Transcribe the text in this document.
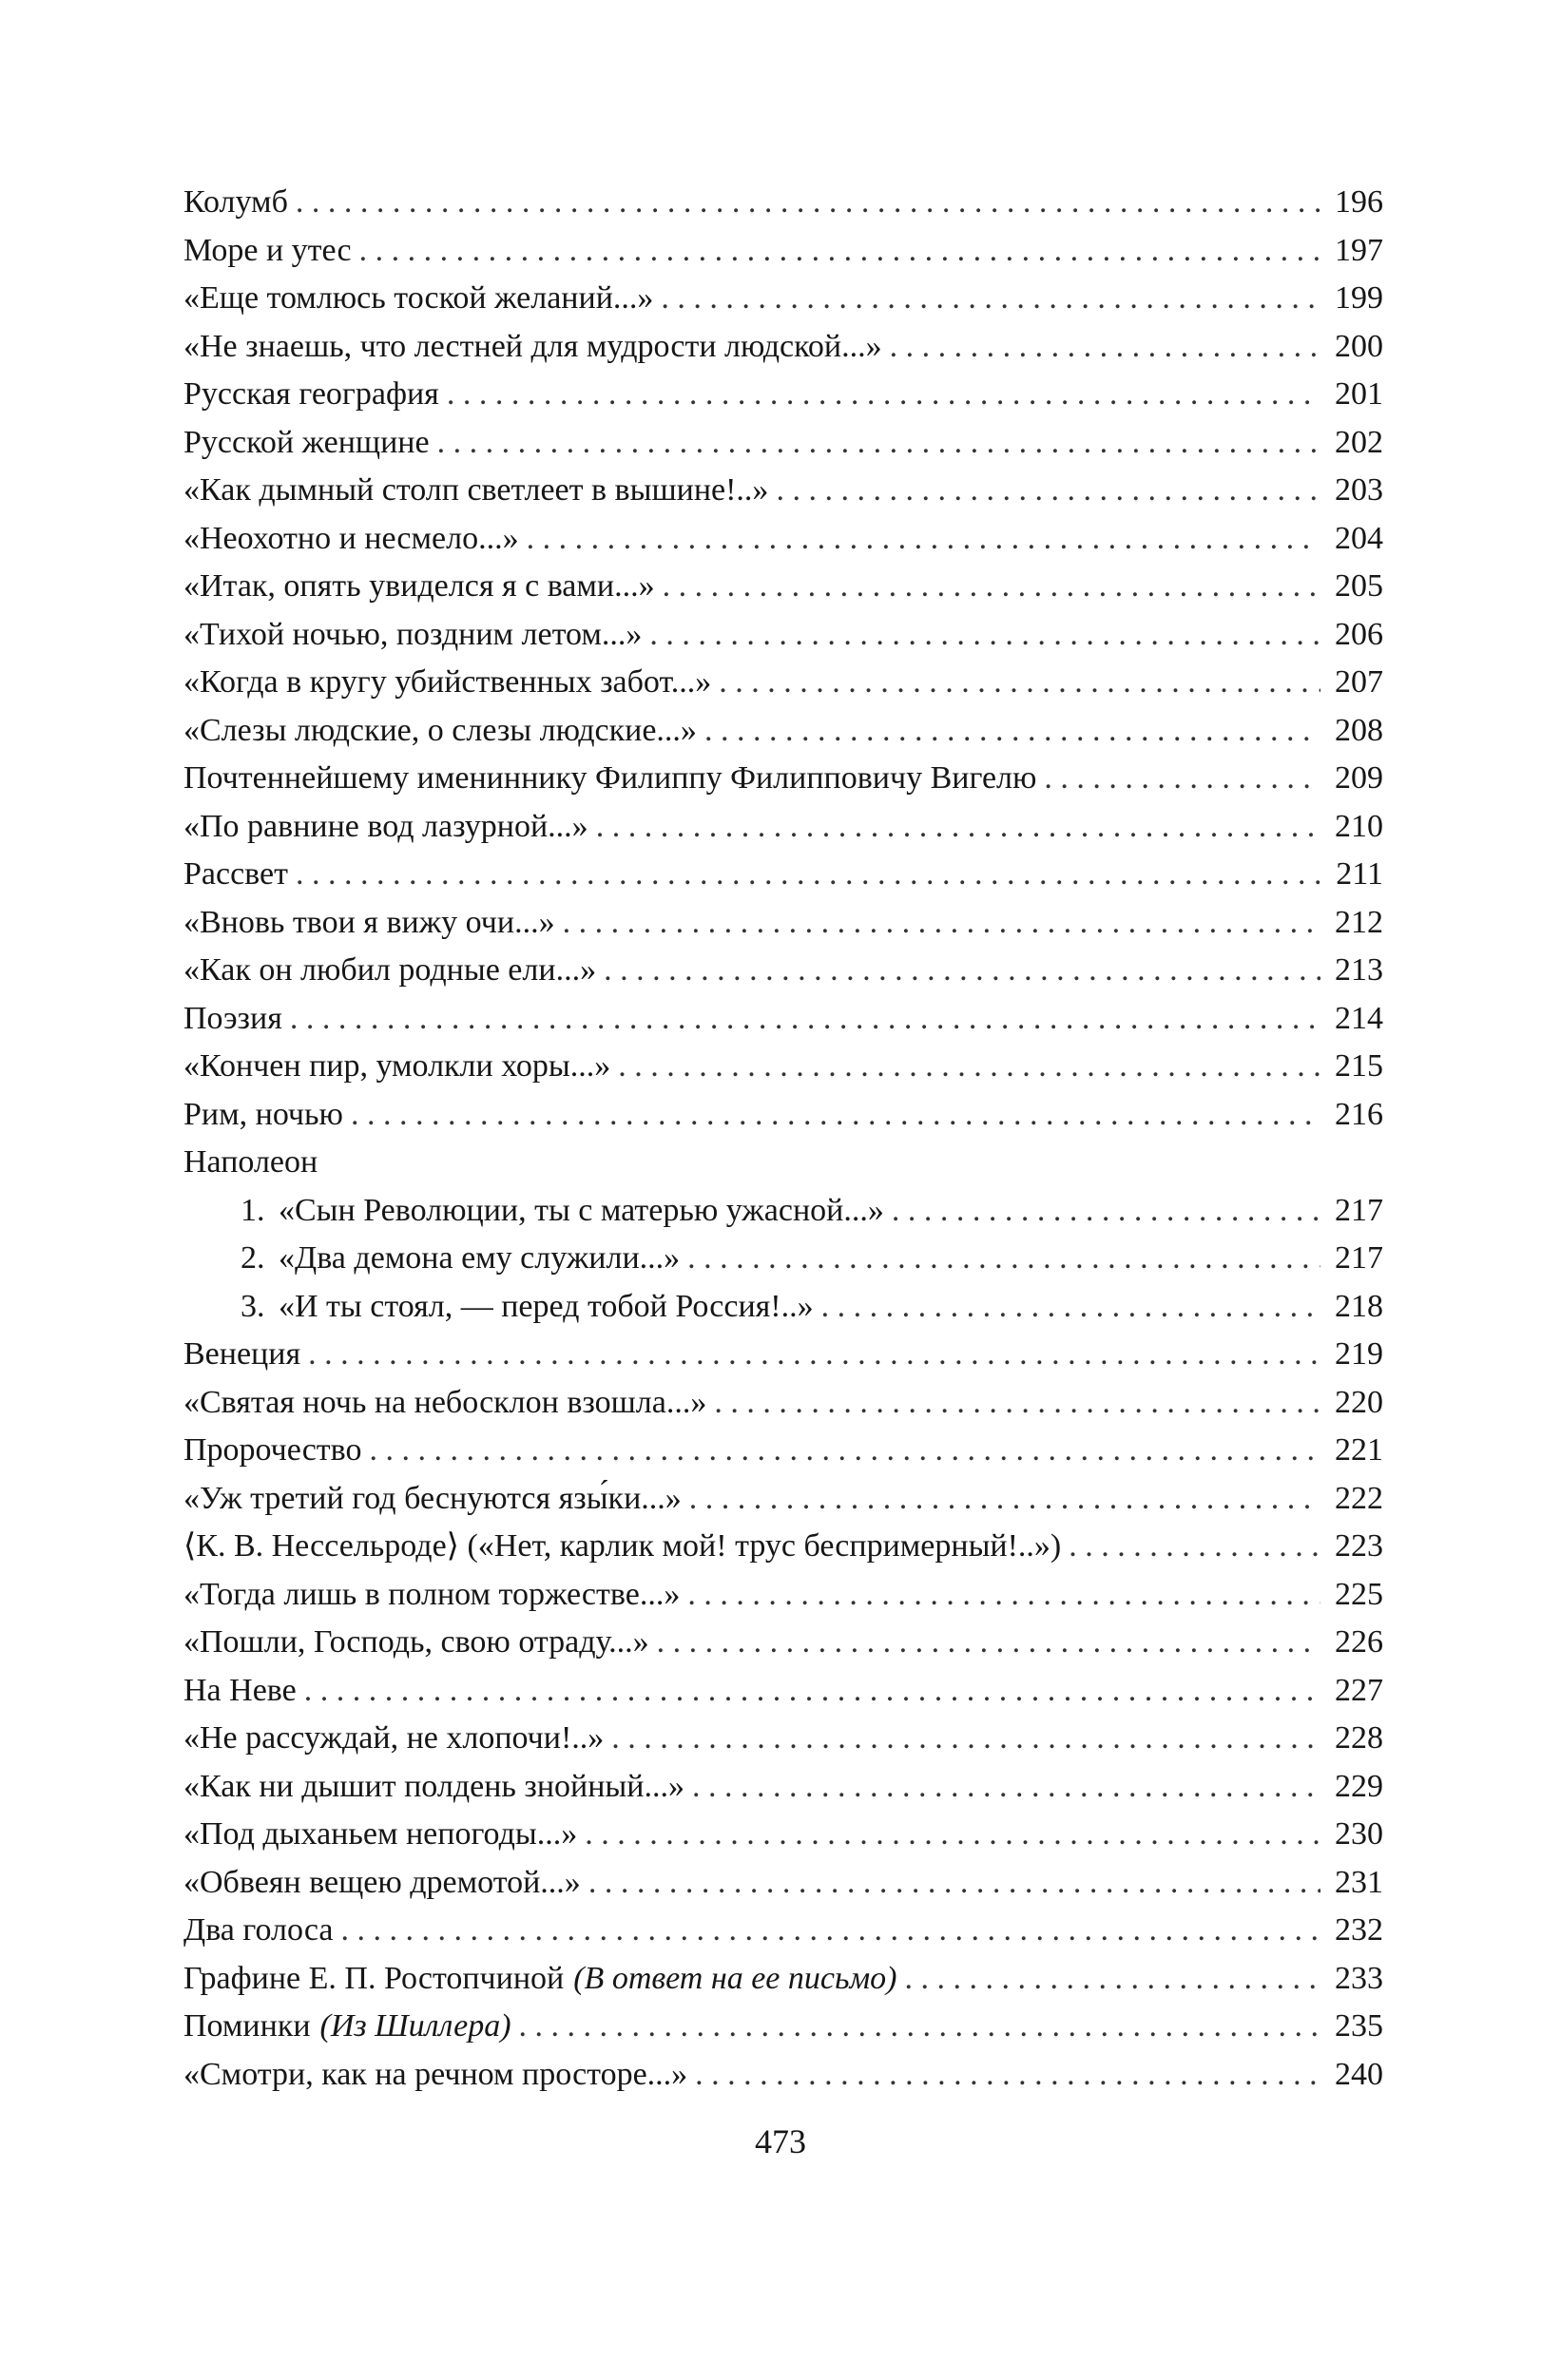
Колумб . . .	196
Море и утес . . .	197
«Еще томлюсь тоской желаний...» . . .	199
«Не знаешь, что лестней для мудрости людской...» . . .	200
Русская география . . .	201
Русской женщине . . .	202
«Как дымный столп светлеет в вышине!..» . . .	203
«Неохотно и несмело...» . . .	204
«Итак, опять увиделся я с вами...» . . .	205
«Тихой ночью, поздним летом...» . . .	206
«Когда в кругу убийственных забот...» . . .	207
«Слезы людские, о слезы людские...» . . .	208
Почтеннейшему имениннику Филиппу Филипповичу Вигелю . . .	209
«По равнине вод лазурной...» . . .	210
Рассвет . . .	211
«Вновь твои я вижу очи...» . . .	212
«Как он любил родные ели...» . . .	213
Поэзия . . .	214
«Кончен пир, умолкли хоры...» . . .	215
Рим, ночью . . .	216
Наполеон
1. «Сын Революции, ты с матерью ужасной...» . . .	217
2. «Два демона ему служили...» . . .	217
3. «И ты стоял, — перед тобой Россия!..» . . .	218
Венеция . . .	219
«Святая ночь на небосклон взошла...» . . .	220
Пророчество . . .	221
«Уж третий год беснуются язы́ки...» . . .	222
⟨К. В. Нессельроде⟩ («Нет, карлик мой! трус беспримерный!..») . . .	223
«Тогда лишь в полном торжестве...» . . .	225
«Пошли, Господь, свою отраду...» . . .	226
На Неве . . .	227
«Не рассуждай, не хлопочи!..» . . .	228
«Как ни дышит полдень знойный...» . . .	229
«Под дыханьем непогоды...» . . .	230
«Обвеян вещею дремотой...» . . .	231
Два голоса . . .	232
Графине Е. П. Ростопчиной (В ответ на ее письмо) . . .	233
Поминки (Из Шиллера) . . .	235
«Смотри, как на речном просторе...» . . .	240
473
